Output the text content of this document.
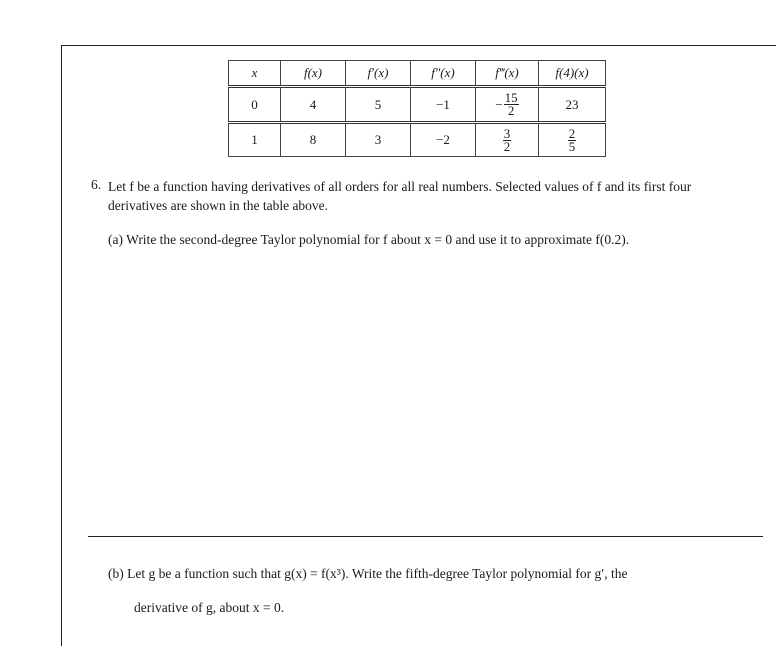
x	f(x)	f′(x)	f″(x)	f‴(x)	f(4)(x)
0	4	5	−1	− $\frac{15}{2}$	23
1	8	3	−2	$\frac{3}{2}$	$\frac{2}{5}$
6. Let f be a function having derivatives of all orders for all real numbers. Selected values of f and its first four

derivatives are shown in the table above.

(a) Write the second-degree Taylor polynomial for f about x = 0 and use it to approximate f(0.2).

(b) Let g be a function such that g(x) = f(x³). Write the fifth-degree Taylor polynomial for g′, the

derivative of g, about x = 0.
